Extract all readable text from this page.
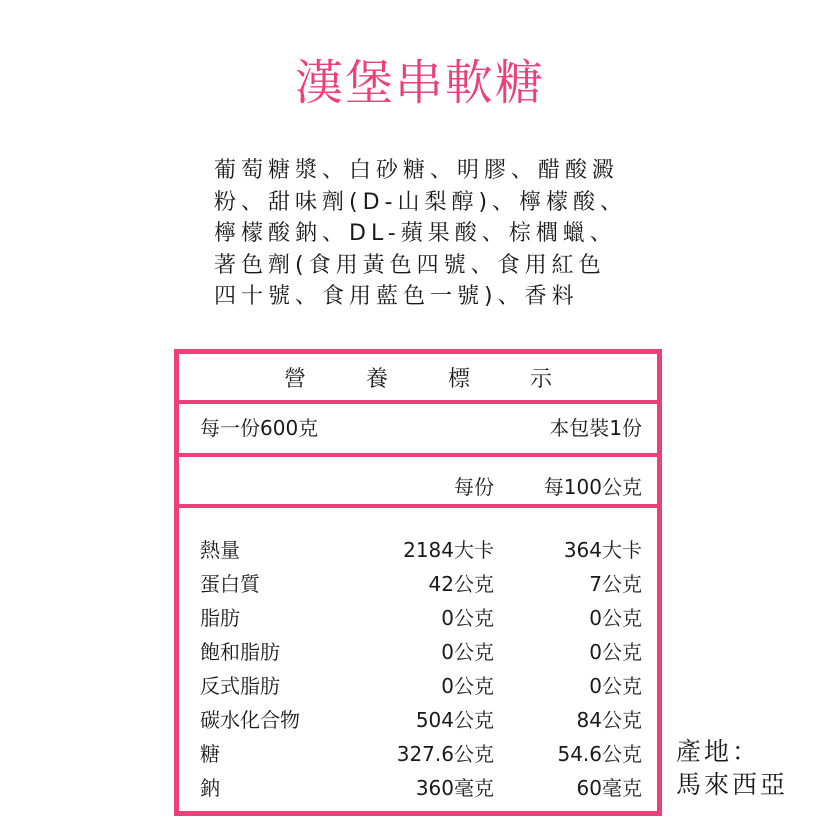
漢堡串軟糖
葡萄糖漿、白砂糖、明膠、醋酸澱
粉、甜味劑(D-山梨醇)、檸檬酸、
檸檬酸鈉、DL-蘋果酸、棕櫚蠟、
著色劑(食用黃色四號、食用紅色
四十號、食用藍色一號)、香料
營	養	標	示
每一份600克	本包裝1份
每份 每100公克
熱量	2184大卡	364大卡
蛋白質	42公克	7公克
脂肪	0公克	0公克
飽和脂肪	0公克	0公克
反式脂肪	0公克	0公克
碳水化合物	504公克	84公克
糖	327.6公克	54.6公克
鈉	360毫克	60毫克
產地：
馬來西亞
